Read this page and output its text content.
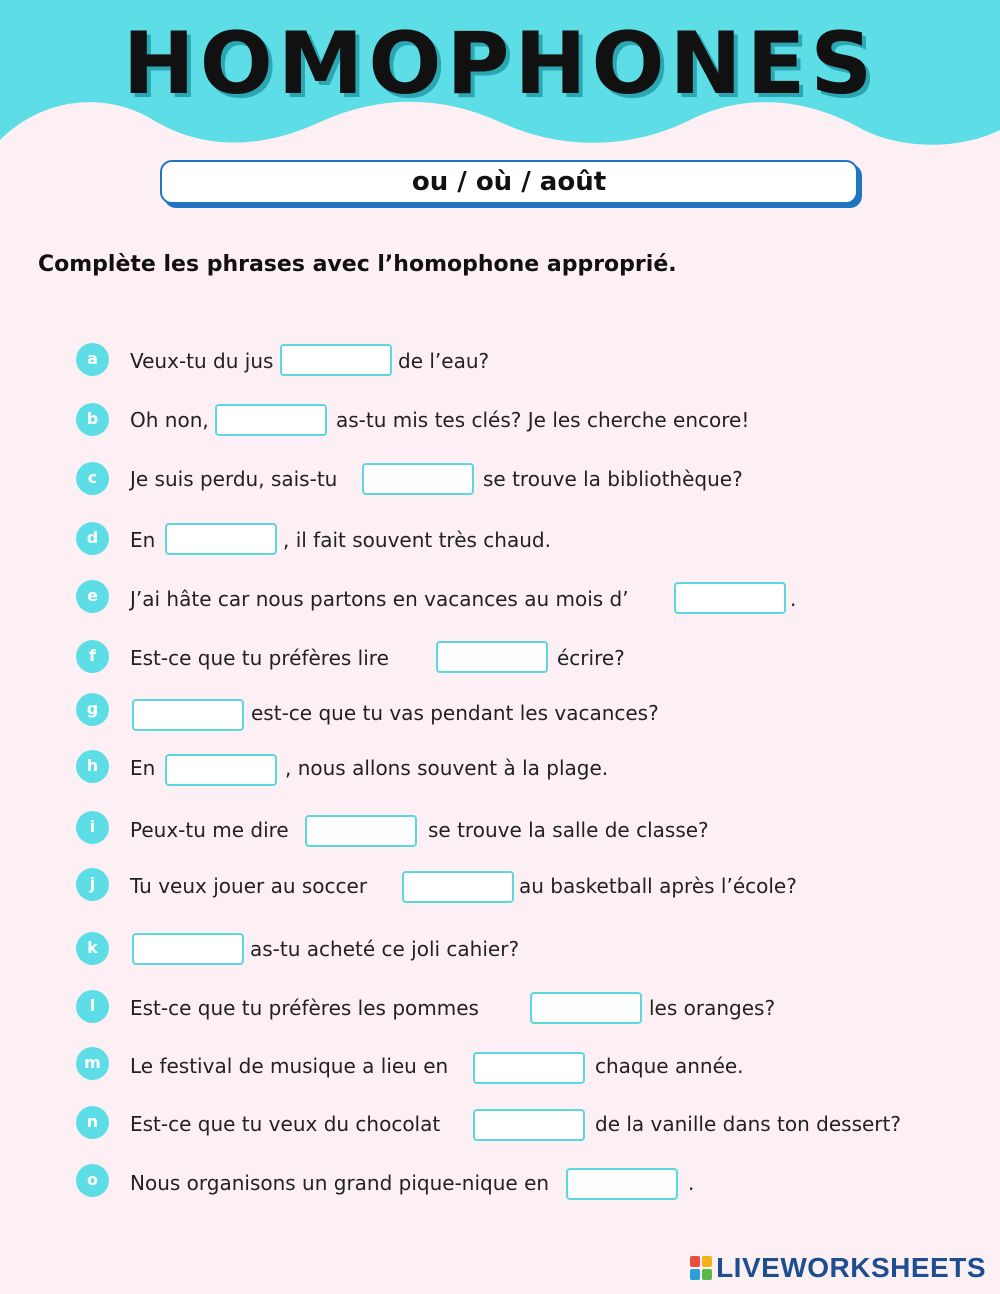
HOMOPHONES
ou / où / août
Complète les phrases avec l’homophone approprié.
a	Veux-tu du jus	de l’eau?
b	Oh non,	as-tu mis tes clés? Je les cherche encore!
c	Je suis perdu, sais-tu	se trouve la bibliothèque?
d	En	, il fait souvent très chaud.
e	J’ai hâte car nous partons en vacances au mois d’	.
f	Est-ce que tu préfères lire	écrire?
g	est-ce que tu vas pendant les vacances?
h	En	, nous allons souvent à la plage.
i	Peux-tu me dire	se trouve la salle de classe?
j	Tu veux jouer au soccer	au basketball après l’école?
k	as-tu acheté ce joli cahier?
l	Est-ce que tu préfères les pommes	les oranges?
m	Le festival de musique a lieu en	chaque année.
n	Est-ce que tu veux du chocolat	de la vanille dans ton dessert?
o	Nous organisons un grand pique-nique en	.
LIVEWORKSHEETS
